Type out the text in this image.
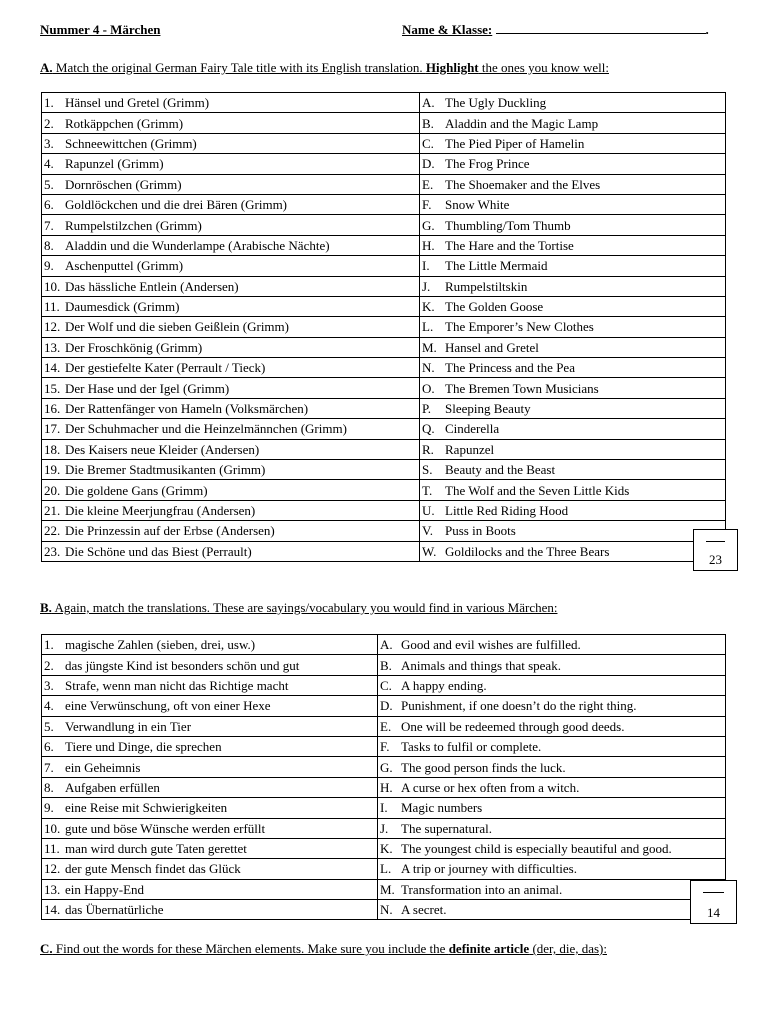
Nummer 4 - Märchen	Name & Klasse:	.
A. Match the original German Fairy Tale title with its English translation. Highlight the ones you know well:
1. Hänsel und Gretel (Grimm)	A. The Ugly Duckling
2. Rotkäppchen (Grimm)	B. Aladdin and the Magic Lamp
3. Schneewittchen (Grimm)	C. The Pied Piper of Hamelin
4. Rapunzel (Grimm)	D. The Frog Prince
5. Dornröschen (Grimm)	E. The Shoemaker and the Elves
6. Goldlöckchen und die drei Bären (Grimm)	F. Snow White
7. Rumpelstilzchen (Grimm)	G. Thumbling/Tom Thumb
8. Aladdin und die Wunderlampe (Arabische Nächte)	H. The Hare and the Tortise
9. Aschenputtel (Grimm)	I. The Little Mermaid
10. Das hässliche Entlein (Andersen)	J. Rumpelstiltskin
11. Daumesdick (Grimm)	K. The Golden Goose
12. Der Wolf und die sieben Geißlein (Grimm)	L. The Emporer’s New Clothes
13. Der Froschkönig (Grimm)	M. Hansel and Gretel
14. Der gestiefelte Kater (Perrault / Tieck)	N. The Princess and the Pea
15. Der Hase und der Igel (Grimm)	O. The Bremen Town Musicians
16. Der Rattenfänger von Hameln (Volksmärchen)	P. Sleeping Beauty
17. Der Schuhmacher und die Heinzelmännchen (Grimm)	Q. Cinderella
18. Des Kaisers neue Kleider (Andersen)	R. Rapunzel
19. Die Bremer Stadtmusikanten (Grimm)	S. Beauty and the Beast
20. Die goldene Gans (Grimm)	T. The Wolf and the Seven Little Kids
21. Die kleine Meerjungfrau (Andersen)	U. Little Red Riding Hood
22. Die Prinzessin auf der Erbse (Andersen)	V. Puss in Boots
23. Die Schöne und das Biest (Perrault)	W. Goldilocks and the Three Bears
23
B. Again, match the translations. These are sayings/vocabulary you would find in various Märchen:
1. magische Zahlen (sieben, drei, usw.)	A. Good and evil wishes are fulfilled.
2. das jüngste Kind ist besonders schön und gut	B. Animals and things that speak.
3. Strafe, wenn man nicht das Richtige macht	C. A happy ending.
4. eine Verwünschung, oft von einer Hexe	D. Punishment, if one doesn’t do the right thing.
5. Verwandlung in ein Tier	E. One will be redeemed through good deeds.
6. Tiere und Dinge, die sprechen	F. Tasks to fulfil or complete.
7. ein Geheimnis	G. The good person finds the luck.
8. Aufgaben erfüllen	H. A curse or hex often from a witch.
9. eine Reise mit Schwierigkeiten	I. Magic numbers
10. gute und böse Wünsche werden erfüllt	J. The supernatural.
11. man wird durch gute Taten gerettet	K. The youngest child is especially beautiful and good.
12. der gute Mensch findet das Glück	L. A trip or journey with difficulties.
13. ein Happy-End	M. Transformation into an animal.
14. das Übernatürliche	N. A secret.	14
C. Find out the words for these Märchen elements. Make sure you include the definite article (der, die, das):
